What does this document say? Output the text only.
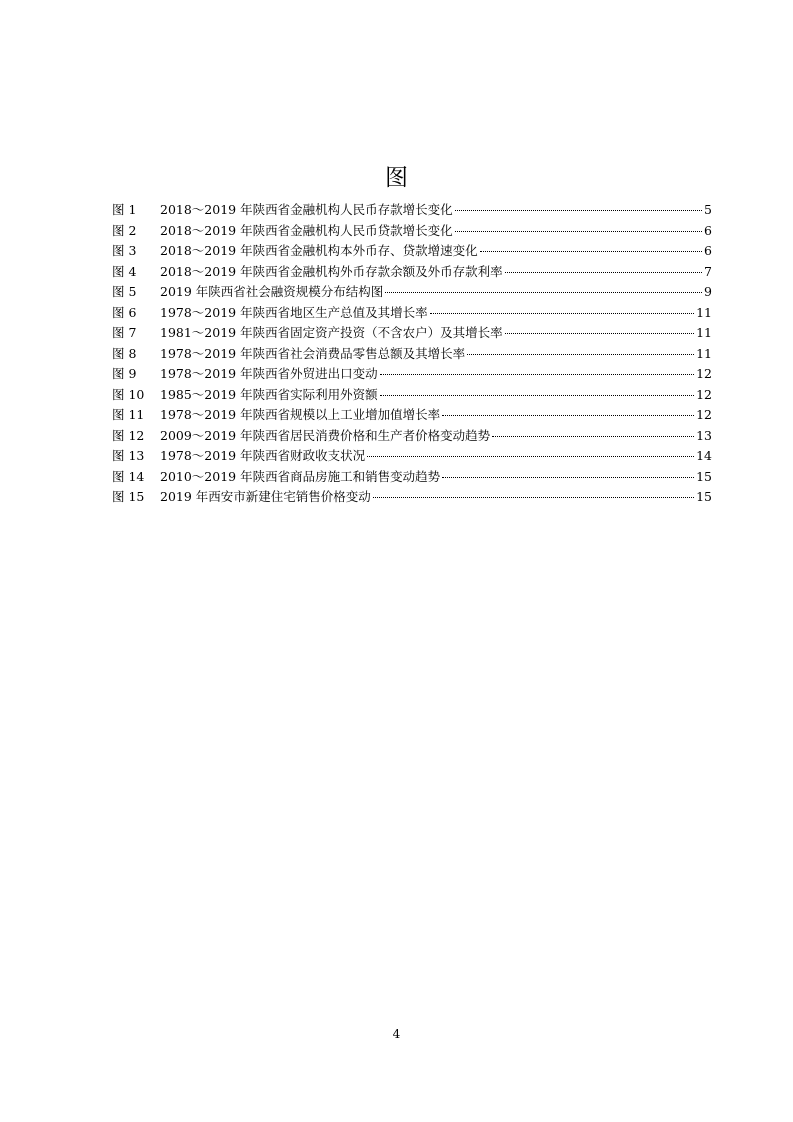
图
图 1	2018～2019 年陕西省金融机构人民币存款增长变化	5
图 2	2018～2019 年陕西省金融机构人民币贷款增长变化	6
图 3	2018～2019 年陕西省金融机构本外币存、贷款增速变化	6
图 4	2018～2019 年陕西省金融机构外币存款余额及外币存款利率	7
图 5	2019 年陕西省社会融资规模分布结构图	9
图 6	1978～2019 年陕西省地区生产总值及其增长率	11
图 7	1981～2019 年陕西省固定资产投资（不含农户）及其增长率	11
图 8	1978～2019 年陕西省社会消费品零售总额及其增长率	11
图 9	1978～2019 年陕西省外贸进出口变动	12
图 10	1985～2019 年陕西省实际利用外资额	12
图 11	1978～2019 年陕西省规模以上工业增加值增长率	12
图 12	2009～2019 年陕西省居民消费价格和生产者价格变动趋势	13
图 13	1978～2019 年陕西省财政收支状况	14
图 14	2010～2019 年陕西省商品房施工和销售变动趋势	15
图 15	2019 年西安市新建住宅销售价格变动	15
4
